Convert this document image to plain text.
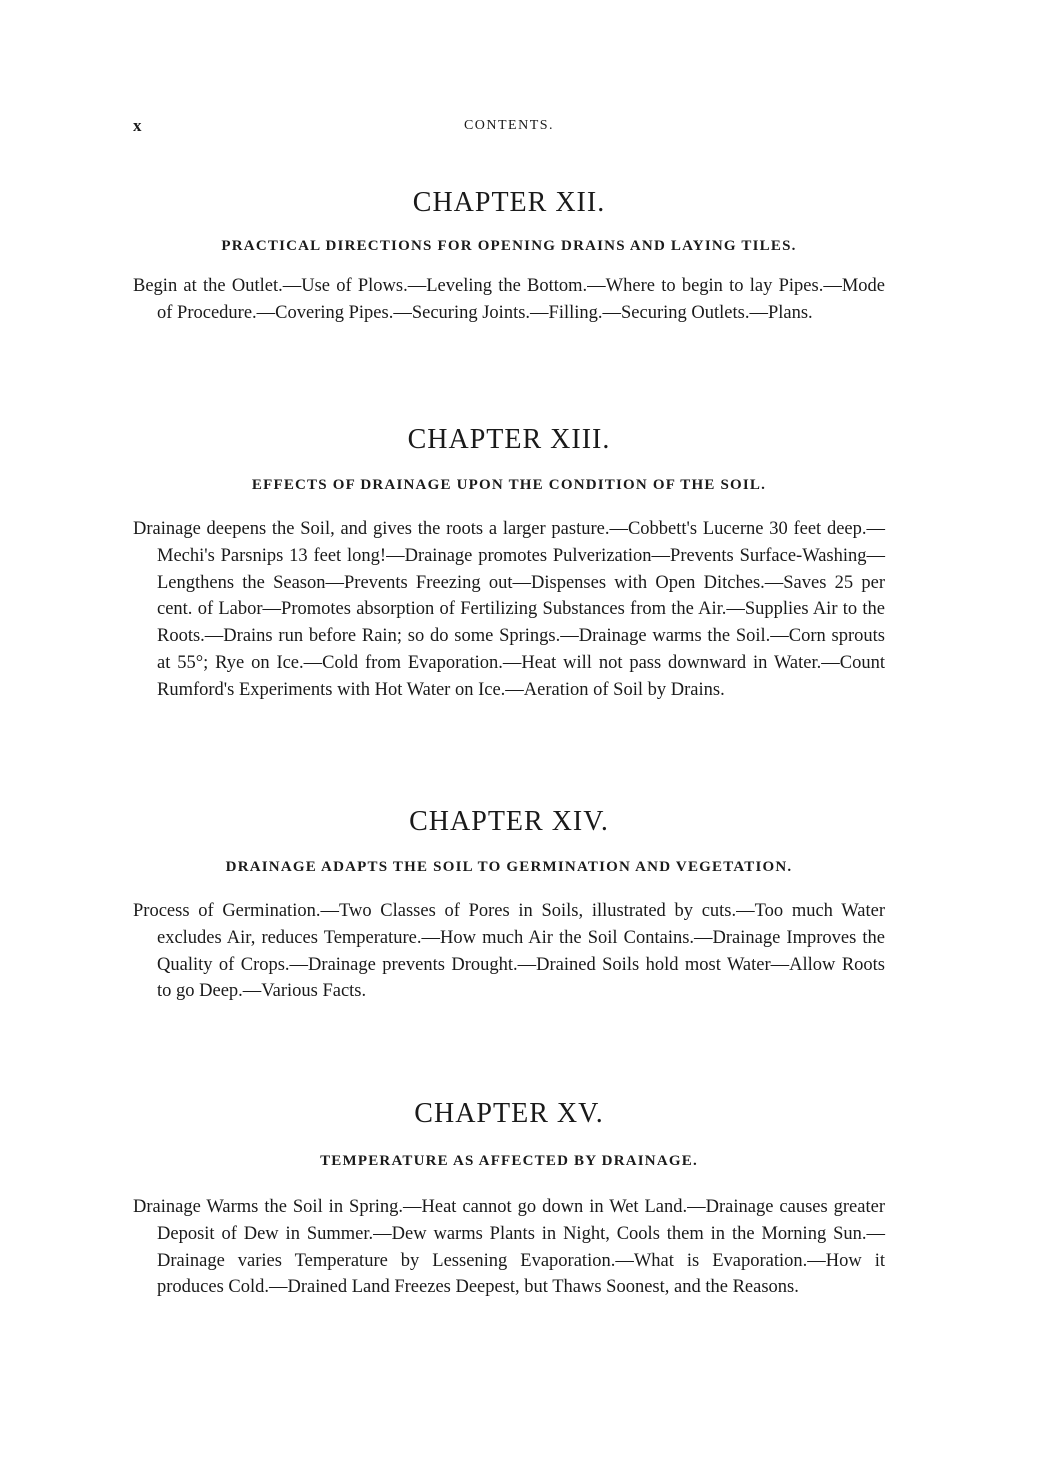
x	CONTENTS.
CHAPTER XII.

PRACTICAL DIRECTIONS FOR OPENING DRAINS AND LAYING TILES.

Begin at the Outlet.—Use of Plows.—Leveling the Bottom.—Where to begin to lay Pipes.—Mode of Procedure.—Covering Pipes.—Securing Joints.—Filling.—Securing Outlets.—Plans.

CHAPTER XIII.

EFFECTS OF DRAINAGE UPON THE CONDITION OF THE SOIL.

Drainage deepens the Soil, and gives the roots a larger pasture.—Cobbett's Lucerne 30 feet deep.—Mechi's Parsnips 13 feet long!—Drainage promotes Pulverization—Prevents Surface-Washing—Lengthens the Season—Prevents Freezing out—Dispenses with Open Ditches.—Saves 25 per cent. of Labor—Promotes absorption of Fertilizing Substances from the Air.—Supplies Air to the Roots.—Drains run before Rain; so do some Springs.—Drainage warms the Soil.—Corn sprouts at 55°; Rye on Ice.—Cold from Evaporation.—Heat will not pass downward in Water.—Count Rumford's Experiments with Hot Water on Ice.—Aeration of Soil by Drains.

CHAPTER XIV.

DRAINAGE ADAPTS THE SOIL TO GERMINATION AND VEGETATION.

Process of Germination.—Two Classes of Pores in Soils, illustrated by cuts.—Too much Water excludes Air, reduces Temperature.—How much Air the Soil Contains.—Drainage Improves the Quality of Crops.—Drainage prevents Drought.—Drained Soils hold most Water—Allow Roots to go Deep.—Various Facts.

CHAPTER XV.

TEMPERATURE AS AFFECTED BY DRAINAGE.

Drainage Warms the Soil in Spring.—Heat cannot go down in Wet Land.—Drainage causes greater Deposit of Dew in Summer.—Dew warms Plants in Night, Cools them in the Morning Sun.—Drainage varies Temperature by Lessening Evaporation.—What is Evaporation.—How it produces Cold.—Drained Land Freezes Deepest, but Thaws Soonest, and the Reasons.
